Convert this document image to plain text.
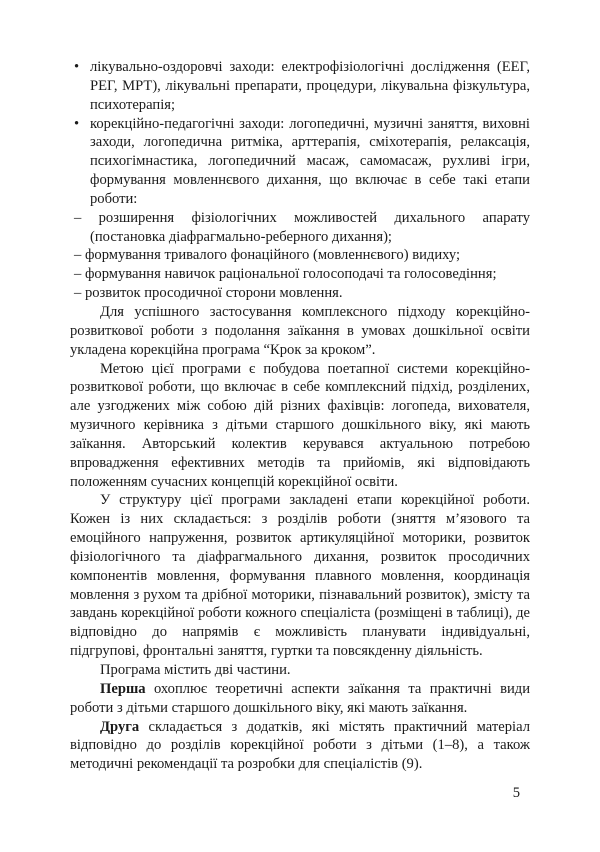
• лікувально-оздоровчі заходи: електрофізіологічні дослідження (ЕЕГ, РЕГ, МРТ), лікувальні препарати, процедури, лікувальна фізкультура, психотерапія;

• корекційно-педагогічні заходи: логопедичні, музичні заняття, виховні заходи, логопедична ритміка, арттерапія, сміхотерапія, релаксація, психогімнастика, логопедичний масаж, самомасаж, рухливі ігри, формування мовленнєвого дихання, що включає в себе такі етапи роботи:

– розширення фізіологічних можливостей дихального апарату (постановка діафрагмально-реберного дихання);

– формування тривалого фонаційного (мовленнєвого) видиху;

– формування навичок раціональної голосоподачі та голосоведіння;

– розвиток просодичної сторони мовлення.

Для успішного застосування комплексного підходу корекційно-розвиткової роботи з подолання заїкання в умовах дошкільної освіти укладена корекційна програма “Крок за кроком”.

Метою цієї програми є побудова поетапної системи корекційно-розвиткової роботи, що включає в себе комплексний підхід, розділених, але узгоджених між собою дій різних фахівців: логопеда, вихователя, музичного керівника з дітьми старшого дошкільного віку, які мають заїкання. Авторський колектив керувався актуальною потребою впровадження ефективних методів та прийомів, які відповідають положенням сучасних концепцій корекційної освіти.

У структуру цієї програми закладені етапи корекційної роботи. Кожен із них складається: з розділів роботи (зняття м’язового та емоційного напруження, розвиток артикуляційної моторики, розвиток фізіологічного та діафрагмального дихання, розвиток просодичних компонентів мовлення, формування плавного мовлення, координація мовлення з рухом та дрібної моторики, пізнавальний розвиток), змісту та завдань корекційної роботи кожного спеціаліста (розміщені в таблиці), де відповідно до напрямів є можливість планувати індивідуальні, підгрупові, фронтальні заняття, гуртки та повсякденну діяльність.

Програма містить дві частини.

Перша охоплює теоретичні аспекти заїкання та практичні види роботи з дітьми старшого дошкільного віку, які мають заїкання.

Друга складається з додатків, які містять практичний матеріал відповідно до розділів корекційної роботи з дітьми (1–8), а також методичні рекомендації та розробки для спеціалістів (9).

5
